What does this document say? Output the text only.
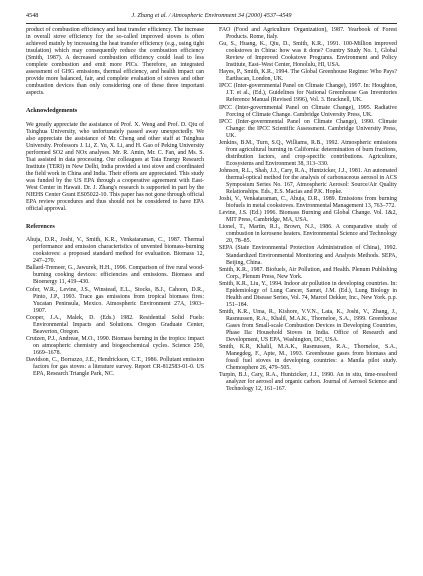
4548	J. Zhang et al. / Atmospheric Environment 34 (2000) 4537–4549

product of combustion efficiency and heat transfer efficiency. The increase in overall stove efficiency for the so-called improved stoves is often achieved mainly by increasing the heat transfer efficiency (e.g., using tight insulation) which may consequently reduce the combustion efficiency (Smith, 1987). A decreased combustion efficiency could lead to less complete combustion and emit more PICs. Therefore, an integrated assessment of GHG emissions, thermal efficiency, and health impact can provide more balanced, fair, and complete evaluation of stoves and other combustion devices than only considering one of these three important aspects.

Acknowledgements

We greatly appreciate the assistance of Prof. X. Weng and Prof. D. Qiu of Tsinghua University, who unfortunately passed away unexpectedly. We also appreciate the assistance of Mr. Cheng and other staff at Tsinghua University. Professors J. Li, Z. Yu, X. Li, and H. Gao of Peking University performed SO2 and NOx analyses. Mr. R. Amin, Mr. C. Fan, and Ms. S. Tsai assisted in data processing. Our colleagues at Tata Energy Research Institute (TERI) in New Delhi, India provided a test stove and coordinated the field work in China and India. Their efforts are appreciated. This study was funded by the US EPA through a cooperative agreement with East-West Center in Hawaii. Dr. J. Zhang's research is supported in part by the NIEHS Center Grant ES05022-10. This paper has not gone through official EPA review procedures and thus should not be considered to have EPA official approval.

References

Ahuja, D.R., Joshi, V., Smith, K.R., Venkataraman, C., 1987. Thermal performance and emission characteristics of unvented biomass-burning cookstoves: a proposed standard method for evaluation. Biomass 12, 247–270.

Ballard-Tremeer, G., Jawurek, H.H., 1996. Comparison of five rural wood-burning cooking devices: efficiencies and emissions. Biomass and Bioenergy 11, 419–430.

Cofer, W.R., Levine, J.S., Winstead, E.L., Stocks, B.J., Cahoon, D.R., Pinto, J.P., 1993. Trace gas emissions from tropical biomass fires: Yucatan Peninsula, Mexico. Atmospheric Environment 27A, 1903–1907.

Cooper, J.A., Malek, D. (Eds.) 1982. Residential Solid Fuels: Environmental Impacts and Solutions. Oregon Graduate Center, Beaverton, Oregon.

Crutzen, P.J., Andreae, M.O., 1990. Biomass burning in the tropics: impact on atmospheric chemistry and biogeochemical cycles. Science 250, 1669–1678.

Davidson, C., Borrazzo, J.E., Hendrickson, C.T., 1986. Pollutant emission factors for gas stoves: a literature survey. Report CR-812583-01-0. US EPA, Research Triangle Park, NC.

FAO (Food and Agriculture Organization), 1987. Yearbook of Forest Products. Rome, Italy.

Gu, S., Huang, K., Qiu, D., Smith, K.R., 1991. 100-Million improved cookstoves in China: how was it done? Country Study No. 1, Global Review of Improved Cookstove Programs. Environment and Policy Institute, East–West Center, Honolulu, HI, USA.

Hayes, P., Smith, K.R., 1994. The Global Greenhouse Regime: Who Pays? Earthscan, London, UK.

IPCC (Inter-governmental Panel on Climate Change), 1997. In: Houghton, J.T. et al., (Ed.), Guidelines for National Greenhouse Gas Inventories Reference Manual (Revised 1996), Vol. 3. Bracknell, UK.

IPCC (Inter-governmental Panel on Climate Change), 1995. Radiative Forcing of Climate Change. Cambridge University Press, UK.

IPCC (Inter-governmental Panel on Climate Change), 1990. Climate Change: the IPCC Scientific Assessment. Cambridge University Press, UK.

Jenkins, B.M., Turn, S.Q., Williams, R.B., 1992. Atmospheric emissions from agricultural burning in California: determination of burn fractions, distribution factors, and crop-specific contributions. Agriculture, Ecosystems and Environment 38, 313–330.

Johnson, R.L., Shah, J.J., Cary, R.A., Huntzicker, J.J., 1981. An automated thermal-optical method for the analysis of carbonaceous aerosol in ACS Symposium Series No. 167, Atmospheric Aerosol: Source/Air Quality Relationships. Eds., E.S. Macias and P.K. Hopke.

Joshi, V., Venkataraman, C., Ahuja, D.R., 1989. Emissions from burning biofuels in metal cookstoves. Environmental Management 13, 763–772.

Levine, J.S. (Ed.) 1996. Biomass Burning and Global Change. Vol. 1&2, MIT Press, Cambridge, MA, USA.

Lionel, T., Martin, R.J., Brown, N.J., 1986. A comparative study of combustion in kerosene heaters. Environmental Science and Technology 20, 78–85.

SEPA (State Environmental Protection Administration of China), 1992. Standardized Environmental Monitoring and Analysis Methods. SEPA, Beijing, China.

Smith, K.R., 1987. Biofuels, Air Pollution, and Health. Plenum Publishing Corp., Plenum Press, New York.

Smith, K.R., Liu, Y., 1994. Indoor air pollution in developing countries. In: Epidemiology of Lung Cancer, Samet, J.M. (Ed.), Lung Biology in Health and Disease Series, Vol. 74, Marcel Dekker, Inc., New York. p.p. 151–184.

Smith, K.R., Uma, R., Kishore, V.V.N., Lata, K., Joshi, V., Zhang, J., Rasmussen, R.A., Khalil, M.A.K., Thorneloe, S.A., 1999. Greenhouse Gases from Small-scale Combustion Devices in Developing Countries, Phase IIa: Household Stoves in India. Office of Research and Development, US EPA, Washington, DC, USA.

Smith, K.R, Khalil, M.A.K., Rasmussen, R.A., Thorneloe, S.A., Manegdeg, F., Apte, M., 1993. Greenhouse gases from biomass and fossil fuel stoves in developing countries: a Manila pilot study. Chemosphere 26, 479–505.

Turpin, B.J., Cary, R.A., Huntzicker, J.J., 1990. An in situ, time-resolved analyzer for aerosol and organic carbon. Journal of Aerosol Science and Technology 12, 161–167.
